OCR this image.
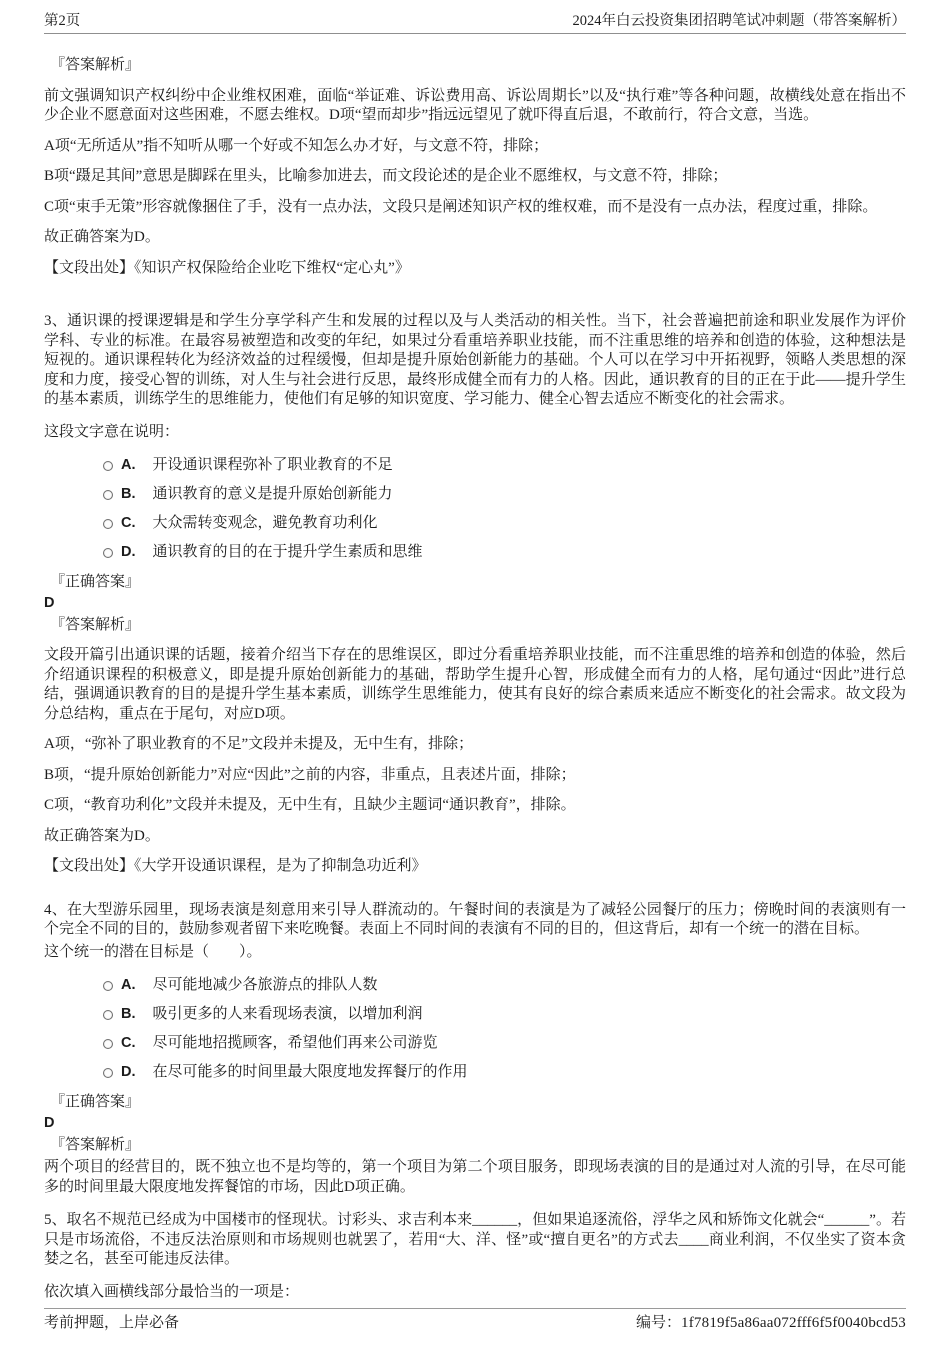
第2页	2024年白云投资集团招聘笔试冲刺题（带答案解析）
『答案解析』

前文强调知识产权纠纷中企业维权困难，面临“举证难、诉讼费用高、诉讼周期长”以及“执行难”等各种问题，故横线处意在指出不少企业不愿意面对这些困难，不愿去维权。D项“望而却步”指远远望见了就吓得直后退，不敢前行，符合文意，当选。

A项“无所适从”指不知听从哪一个好或不知怎么办才好，与文意不符，排除；

B项“蹑足其间”意思是脚踩在里头，比喻参加进去，而文段论述的是企业不愿维权，与文意不符，排除；

C项“束手无策”形容就像捆住了手，没有一点办法，文段只是阐述知识产权的维权难，而不是没有一点办法，程度过重，排除。

故正确答案为D。

【文段出处】《知识产权保险给企业吃下维权“定心丸”》

3、通识课的授课逻辑是和学生分享学科产生和发展的过程以及与人类活动的相关性。当下，社会普遍把前途和职业发展作为评价学科、专业的标准。在最容易被塑造和改变的年纪，如果过分看重培养职业技能，而不注重思维的培养和创造的体验，这种想法是短视的。通识课程转化为经济效益的过程缓慢，但却是提升原始创新能力的基础。个人可以在学习中开拓视野，领略人类思想的深度和力度，接受心智的训练，对人生与社会进行反思，最终形成健全而有力的人格。因此，通识教育的目的正在于此——提升学生的基本素质，训练学生的思维能力，使他们有足够的知识宽度、学习能力、健全心智去适应不断变化的社会需求。

这段文字意在说明：

A. 开设通识课程弥补了职业教育的不足
B. 通识教育的意义是提升原始创新能力
C. 大众需转变观念，避免教育功利化
D. 通识教育的目的在于提升学生素质和思维
『正确答案』

D

『答案解析』

文段开篇引出通识课的话题，接着介绍当下存在的思维误区，即过分看重培养职业技能，而不注重思维的培养和创造的体验，然后介绍通识课程的积极意义，即是提升原始创新能力的基础，帮助学生提升心智，形成健全而有力的人格，尾句通过“因此”进行总结，强调通识教育的目的是提升学生基本素质，训练学生思维能力，使其有良好的综合素质来适应不断变化的社会需求。故文段为分总结构，重点在于尾句，对应D项。

A项，“弥补了职业教育的不足”文段并未提及，无中生有，排除；

B项，“提升原始创新能力”对应“因此”之前的内容，非重点，且表述片面，排除；

C项，“教育功利化”文段并未提及，无中生有，且缺少主题词“通识教育”，排除。

故正确答案为D。

【文段出处】《大学开设通识课程，是为了抑制急功近利》

4、在大型游乐园里，现场表演是刻意用来引导人群流动的。午餐时间的表演是为了减轻公园餐厅的压力；傍晚时间的表演则有一个完全不同的目的，鼓励参观者留下来吃晚餐。表面上不同时间的表演有不同的目的，但这背后，却有一个统一的潜在目标。

这个统一的潜在目标是（　　）。

A. 尽可能地减少各旅游点的排队人数
B. 吸引更多的人来看现场表演，以增加利润
C. 尽可能地招揽顾客，希望他们再来公司游览
D. 在尽可能多的时间里最大限度地发挥餐厅的作用
『正确答案』

D

『答案解析』

两个项目的经营目的，既不独立也不是均等的，第一个项目为第二个项目服务，即现场表演的目的是通过对人流的引导，在尽可能多的时间里最大限度地发挥餐馆的市场，因此D项正确。

5、取名不规范已经成为中国楼市的怪现状。讨彩头、求吉利本来______，但如果追逐流俗，浮华之风和矫饰文化就会“______”。若只是市场流俗，不违反法治原则和市场规则也就罢了，若用“大、洋、怪”或“擅自更名”的方式去____商业利润，不仅坐实了资本贪婪之名，甚至可能违反法律。

依次填入画横线部分最恰当的一项是：

考前押题，上岸必备	编号：1f7819f5a86aa072fff6f5f0040bcd53
